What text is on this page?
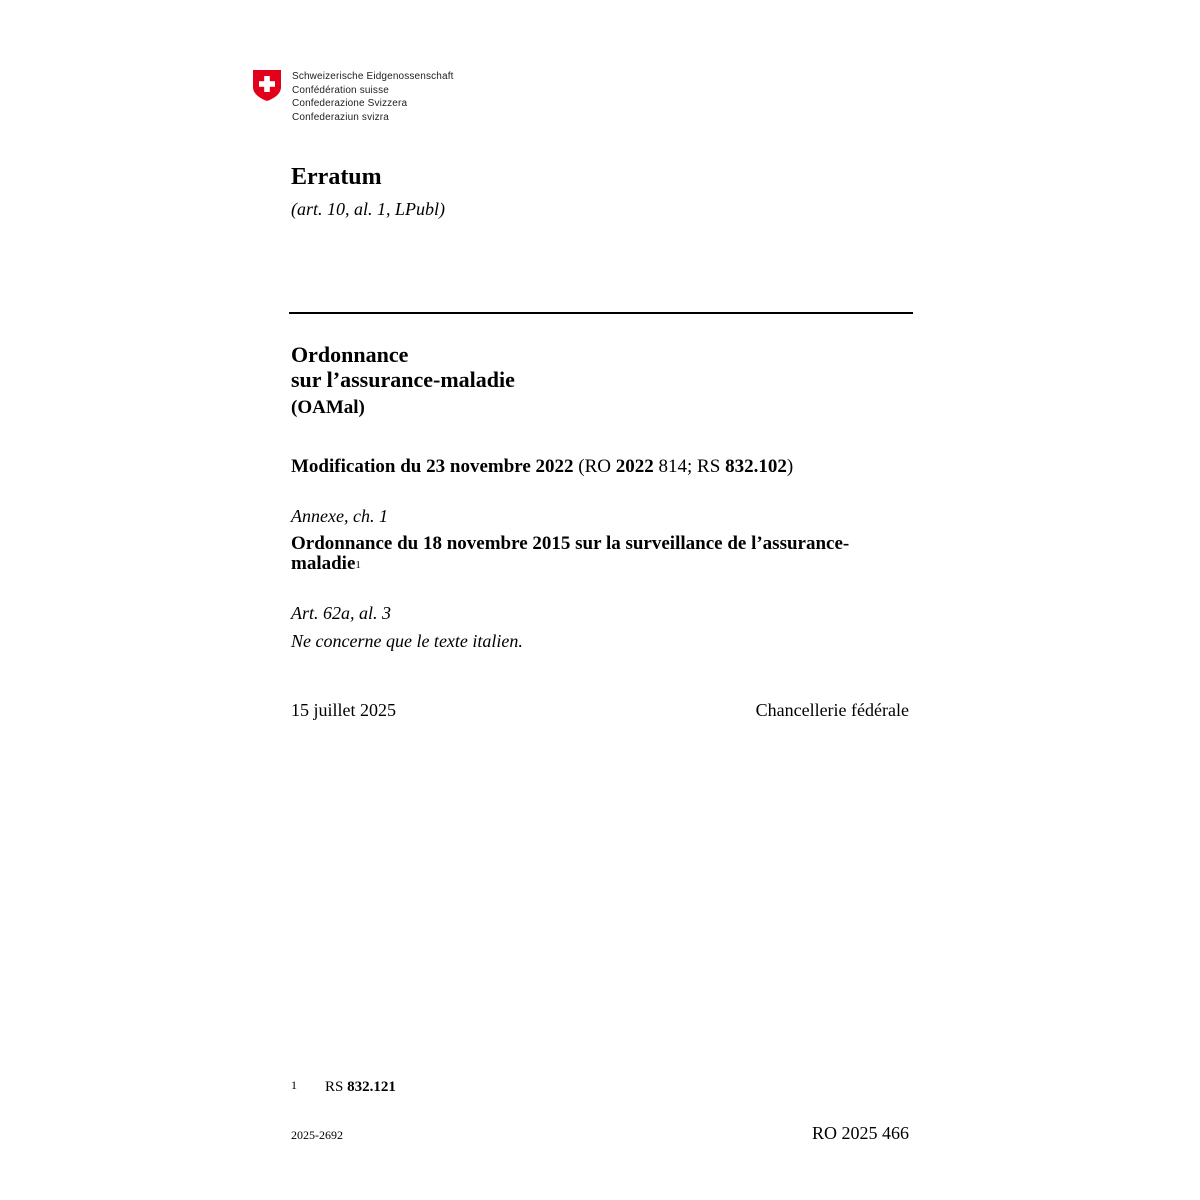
Schweizerische Eidgenossenschaft
Confédération suisse
Confederazione Svizzera
Confederaziun svizra
Erratum
(art. 10, al. 1, LPubl)
Ordonnance
sur l’assurance-maladie
(OAMal)
Modification du 23 novembre 2022 (RO 2022 814; RS 832.102)
Annexe, ch. 1
Ordonnance du 18 novembre 2015 sur la surveillance de l’assurance-
maladie$^1$
Art. 62a, al. 3
Ne concerne que le texte italien.
15 juillet 2025	Chancellerie fédérale
1 RS 832.121
2025-2692	RO 2025 466
